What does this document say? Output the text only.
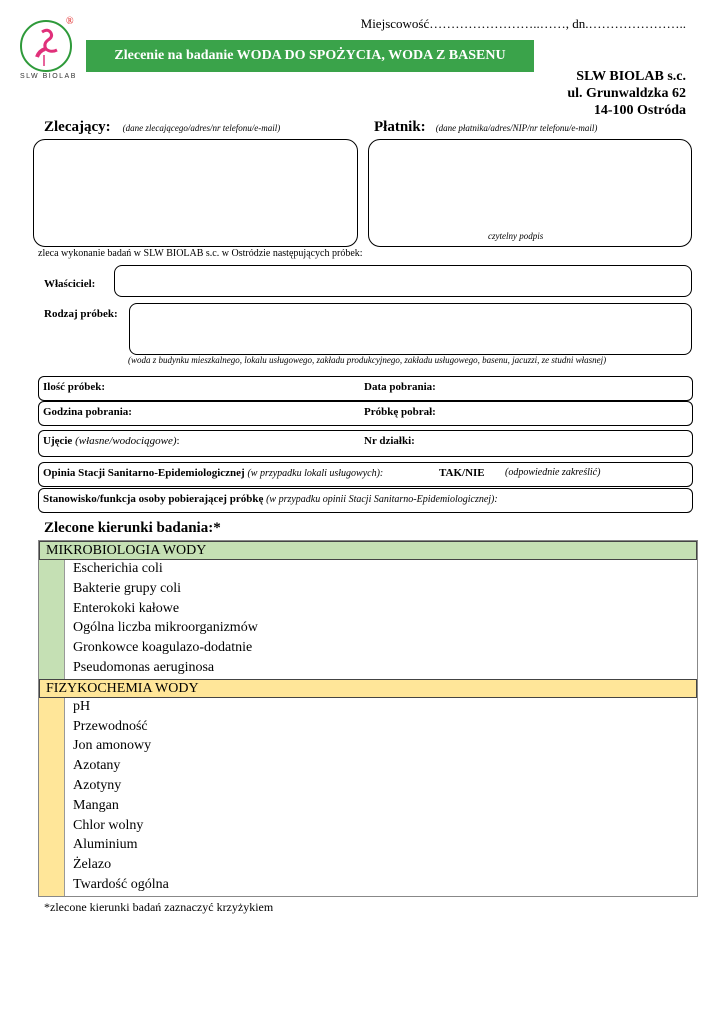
®
SLW BIOLAB
Miejscowość……………………..……, dn.…………………..
Zlecenie na badanie WODA DO SPOŻYCIA, WODA Z BASENU
SLW BIOLAB s.c.
ul. Grunwaldzka 62
14-100 Ostróda
Zlecający: (dane zlecającego/adres/nr telefonu/e-mail)	Płatnik: (dane płatnika/adres/NIP/nr telefonu/e-mail)
czytelny podpis
zleca wykonanie badań w SLW BIOLAB s.c. w Ostródzie następujących próbek:
Właściciel:
Rodzaj próbek:
(woda z budynku mieszkalnego, lokalu usługowego, zakładu produkcyjnego, zakładu usługowego, basenu, jacuzzi, ze studni własnej)
Ilość próbek:	Data pobrania:
Godzina pobrania:	Próbkę pobrał:
Ujęcie (własne/wodociągowe):	Nr działki:
Opinia Stacji Sanitarno-Epidemiologicznej (w przypadku lokali usługowych):	TAK/NIE (odpowiednie zakreślić)
Stanowisko/funkcja osoby pobierającej próbkę (w przypadku opinii Stacji Sanitarno-Epidemiologicznej):
Zlecone kierunki badania:*
MIKROBIOLOGIA WODY
Escherichia coli
Bakterie grupy coli
Enterokoki kałowe
Ogólna liczba mikroorganizmów
Gronkowce koagulazo-dodatnie
Pseudomonas aeruginosa
FIZYKOCHEMIA WODY
pH
Przewodność
Jon amonowy
Azotany
Azotyny
Mangan
Chlor wolny
Aluminium
Żelazo
Twardość ogólna
*zlecone kierunki badań zaznaczyć krzyżykiem
